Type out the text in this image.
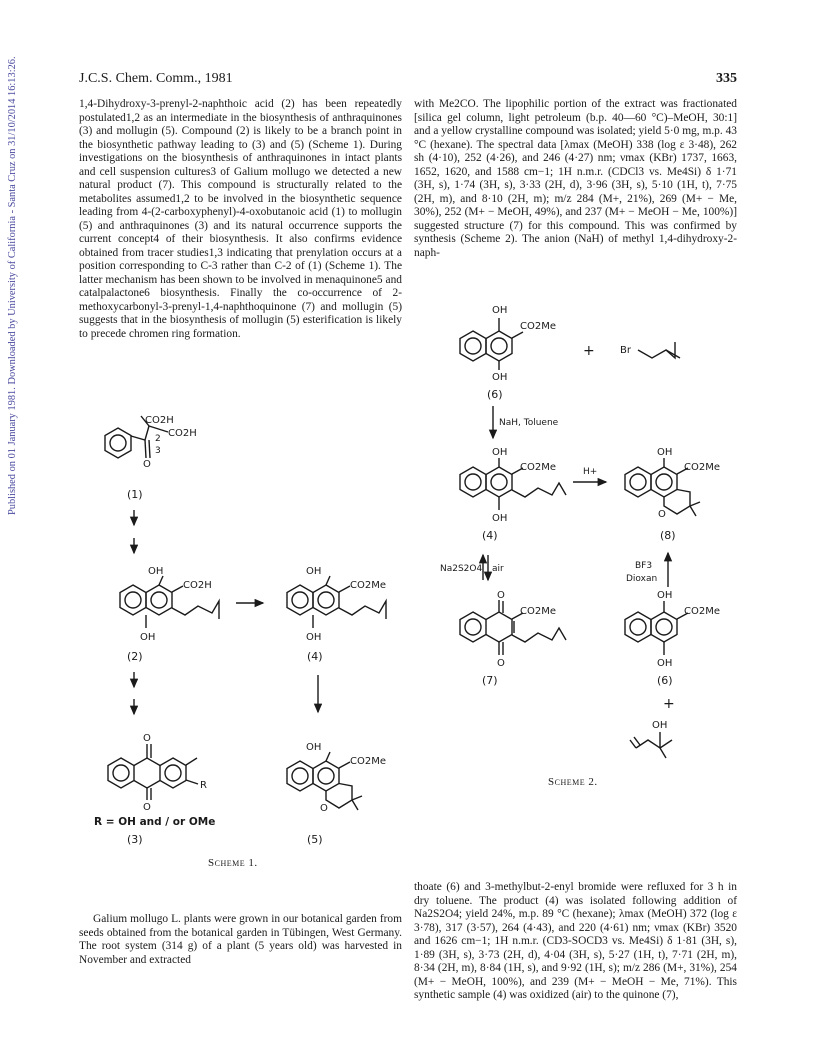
Published on 01 January 1981. Downloaded by University of California - Santa Cruz on 31/10/2014 16:13:26.	J.C.S. Chem. Comm., 1981	335

1,4-Dihydroxy-3-prenyl-2-naphthoic acid (2) has been repeatedly postulated1,2 as an intermediate in the biosynthesis of anthraquinones (3) and mollugin (5). Compound (2) is likely to be a branch point in the biosynthetic pathway leading to (3) and (5) (Scheme 1). During investigations on the biosynthesis of anthraquinones in intact plants and cell suspension cultures3 of Galium mollugo we detected a new natural product (7). This compound is structurally related to the metabolites assumed1,2 to be involved in the biosynthetic sequence leading from 4-(2-carboxyphenyl)-4-oxobutanoic acid (1) to mollugin (5) and anthraquinones (3) and its natural occurrence supports the current concept4 of their biosynthesis. It also confirms evidence obtained from tracer studies1,3 indicating that prenylation occurs at a position corresponding to C-3 rather than C-2 of (1) (Scheme 1). The latter mechanism has been shown to be involved in menaquinone5 and catalpalactone6 biosynthesis. Finally the co-occurrence of 2-methoxycarbonyl-3-prenyl-1,4-naphthoquinone (7) and mollugin (5) suggests that in the biosynthesis of mollugin (5) esterification is likely to precede chromen ring formation.

with Me2CO. The lipophilic portion of the extract was fractionated [silica gel column, light petroleum (b.p. 40—60 °C)–MeOH, 30:1] and a yellow crystalline compound was isolated; yield 5·0 mg, m.p. 43 °C (hexane). The spectral data [λmax (MeOH) 338 (log ε 3·48), 262 sh (4·10), 252 (4·26), and 246 (4·27) nm; νmax (KBr) 1737, 1663, 1652, 1620, and 1588 cm−1; 1H n.m.r. (CDCl3 vs. Me4Si) δ 1·71 (3H, s), 1·74 (3H, s), 3·33 (2H, d), 3·96 (3H, s), 5·10 (1H, t), 7·75 (2H, m), and 8·10 (2H, m); m/z 284 (M+, 21%), 269 (M+ − Me, 30%), 252 (M+ − MeOH, 49%), and 237 (M+ − MeOH − Me, 100%)] suggested structure (7) for this compound. This was confirmed by synthesis (Scheme 2). The anion (NaH) of methyl 1,4-dihydroxy-2-naph-

Galium mollugo L. plants were grown in our botanical garden from seeds obtained from the botanical garden in Tübingen, West Germany. The root system (314 g) of a plant (5 years old) was harvested in November and extracted

thoate (6) and 3-methylbut-2-enyl bromide were refluxed for 3 h in dry toluene. The product (4) was isolated following addition of Na2S2O4; yield 24%, m.p. 89 °C (hexane); λmax (MeOH) 372 (log ε 3·78), 317 (3·57), 264 (4·43), and 220 (4·61) nm; νmax (KBr) 3520 and 1626 cm−1; 1H n.m.r. (CD3-SOCD3 vs. Me4Si) δ 1·81 (3H, s), 1·89 (3H, s), 3·73 (2H, d), 4·04 (3H, s), 5·27 (1H, t), 7·71 (2H, m), 8·34 (2H, m), 8·84 (1H, s), and 9·92 (1H, s); m/z 286 (M+, 31%), 254 (M+ − MeOH, 100%), and 239 (M+ − MeOH − Me, 71%). This synthetic sample (4) was oxidized (air) to the quinone (7),

Scheme 1.
Scheme 2.
CO2H
CO2H
2
3
O
(1)
OH
CO2H
OH
(2)
OH
CO2Me
OH
(4)
O
O
R
R = OH and / or OMe
(3)
OH
CO2Me
O
(5)
OH
CO2Me
OH
(6)
+	Br
NaH, Toluene
OH
CO2Me
OH
(4)
H+
OH
CO2Me
O
(8)
Na2S2O4 air	BF3
Dioxan
O
CO2Me
O
(7)
OH
CO2Me
OH
(6)
+
OH
